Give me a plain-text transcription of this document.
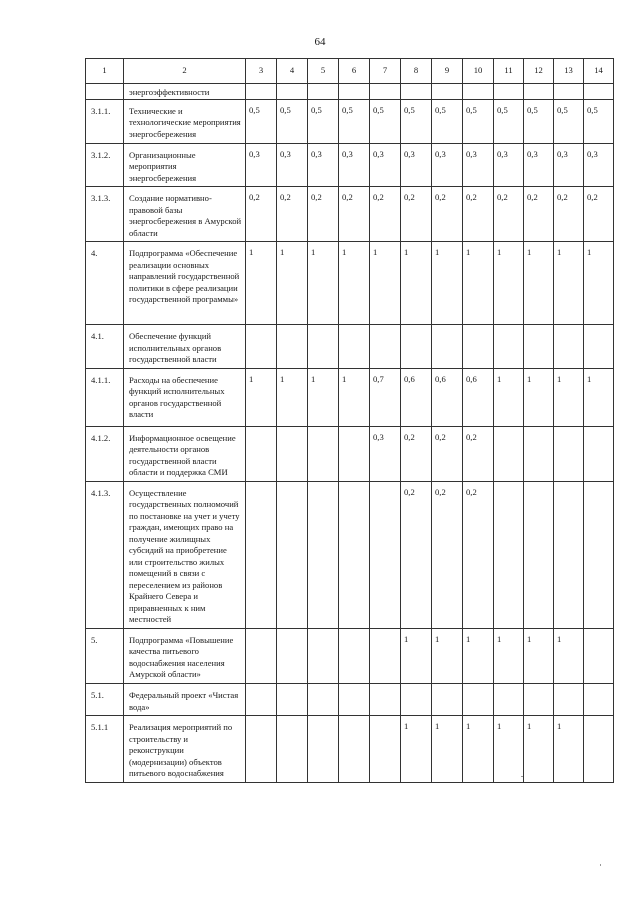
64
1	2	3	4	5	6	7	8	9	10	11	12	13	14
	энергоэффективности												
3.1.1.	Технические и технологические мероприятия энергосбережения	0,5	0,5	0,5	0,5	0,5	0,5	0,5	0,5	0,5	0,5	0,5	0,5
3.1.2.	Организационные мероприятия энергосбережения	0,3	0,3	0,3	0,3	0,3	0,3	0,3	0,3	0,3	0,3	0,3	0,3
3.1.3.	Создание нормативно-правовой базы энергосбережения в Амурской области	0,2	0,2	0,2	0,2	0,2	0,2	0,2	0,2	0,2	0,2	0,2	0,2
4.	Подпрограмма «Обеспечение реализации основных направлений государственной политики в сфере реализации государственной программы»	1	1	1	1	1	1	1	1	1	1	1	1
4.1.	Обеспечение функций исполнительных органов государственной власти												
4.1.1.	Расходы на обеспечение функций исполнительных органов государственной власти	1	1	1	1	0,7	0,6	0,6	0,6	1	1	1	1
4.1.2.	Информационное освещение деятельности органов государственной власти области и поддержка СМИ					0,3	0,2	0,2	0,2				
4.1.3.	Осуществление государственных полномочий по постановке на учет и учету граждан, имеющих право на получение жилищных субсидий на приобретение или строительство жилых помещений в связи с переселением из районов Крайнего Севера и приравненных к ним местностей						0,2	0,2	0,2				
5.	Подпрограмма «Повышение качества питьевого водоснабжения населения Амурской области»						1	1	1	1	1	1	
5.1.	Федеральный проект «Чистая вода»												
5.1.1	Реализация мероприятий по строительству и реконструкции (модернизации) объектов питьевого водоснабжения						1	1	1	1	1	1	
